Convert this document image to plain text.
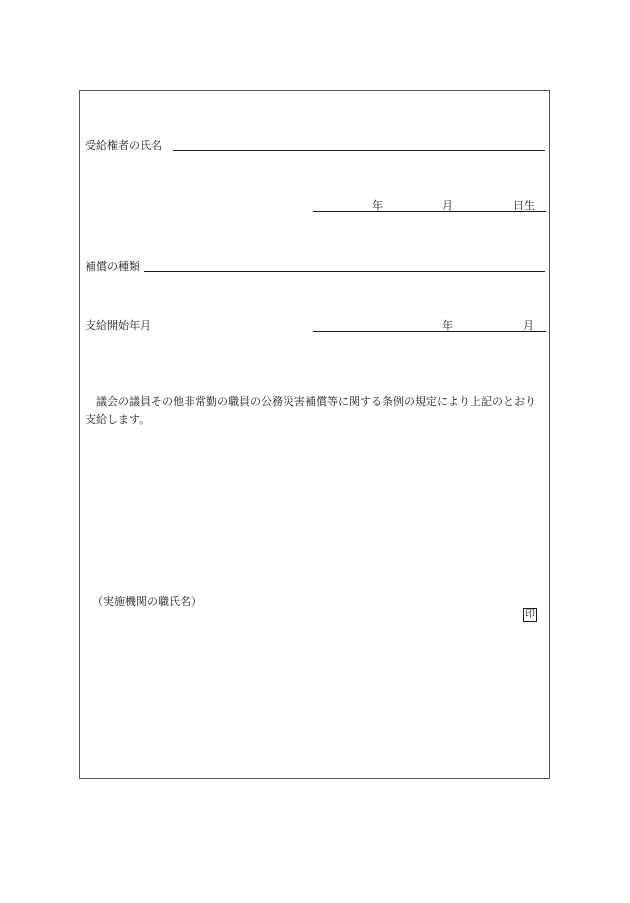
受給権者の氏名
年	月	日生
補償の種類
支給開始年月	年	月
議会の議員その他非常勤の職員の公務災害補償等に関する条例の規定により上記のとおり支給します。
（実施機関の職氏名）
印
